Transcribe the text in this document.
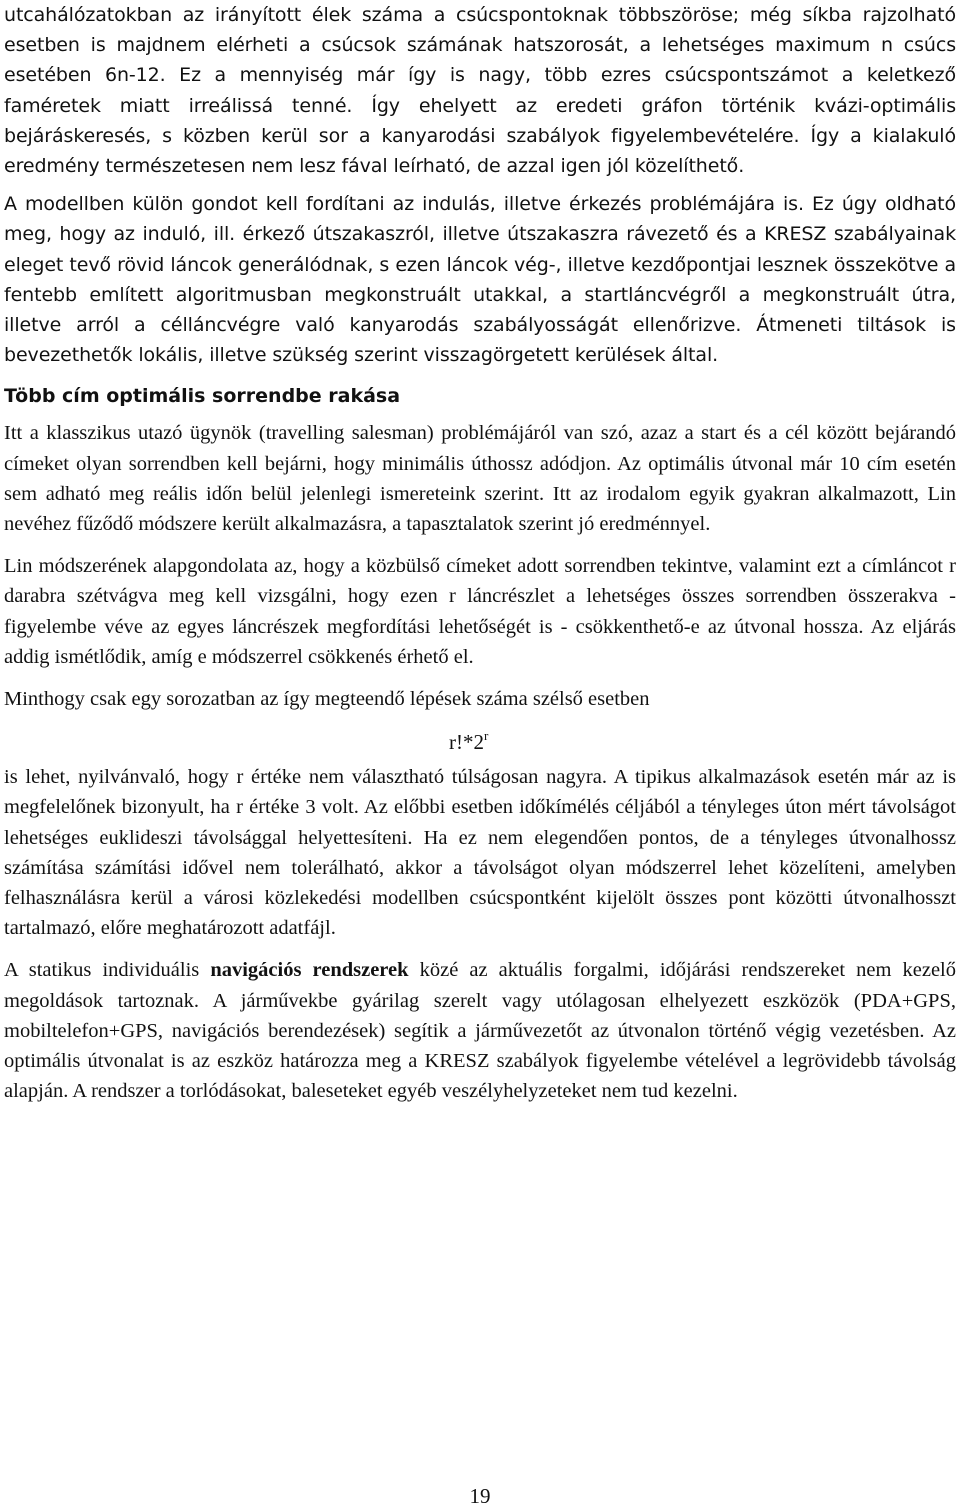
utcahálózatokban az irányított élek száma a csúcspontoknak többszöröse; még síkba rajzolható esetben is majdnem elérheti a csúcsok számának hatszorosát, a lehetséges maximum n csúcs esetében 6n-12. Ez a mennyiség már így is nagy, több ezres csúcspontszámot a keletkező faméretek miatt irreálissá tenné. Így ehelyett az eredeti gráfon történik kvázi-optimális bejáráskeresés, s közben kerül sor a kanyarodási szabályok figyelembevételére. Így a kialakuló eredmény természetesen nem lesz fával leírható, de azzal igen jól közelíthető.

A modellben külön gondot kell fordítani az indulás, illetve érkezés problémájára is. Ez úgy oldható meg, hogy az induló, ill. érkező útszakaszról, illetve útszakaszra rávezető és a KRESZ szabályainak eleget tevő rövid láncok generálódnak, s ezen láncok vég-, illetve kezdőpontjai lesznek összekötve a fentebb említett algoritmusban megkonstruált utakkal, a startláncvégről a megkonstruált útra, illetve arról a célláncvégre való kanyarodás szabályosságát ellenőrizve. Átmeneti tiltások is bevezethetők lokális, illetve szükség szerint visszagörgetett kerülések által.

Több cím optimális sorrendbe rakása

Itt a klasszikus utazó ügynök (travelling salesman) problémájáról van szó, azaz a start és a cél között bejárandó címeket olyan sorrendben kell bejárni, hogy minimális úthossz adódjon. Az optimális útvonal már 10 cím esetén sem adható meg reális időn belül jelenlegi ismereteink szerint. Itt az irodalom egyik gyakran alkalmazott, Lin nevéhez fűződő módszere került alkalmazásra, a tapasztalatok szerint jó eredménnyel.

Lin módszerének alapgondolata az, hogy a közbülső címeket adott sorrendben tekintve, valamint ezt a címláncot r darabra szétvágva meg kell vizsgálni, hogy ezen r láncrészlet a lehetséges összes sorrendben összerakva - figyelembe véve az egyes láncrészek megfordítási lehetőségét is - csökkenthető-e az útvonal hossza. Az eljárás addig ismétlődik, amíg e módszerrel csökkenés érhető el.

Minthogy csak egy sorozatban az így megteendő lépések száma szélső esetben

r!*2$^r$

is lehet, nyilvánvaló, hogy r értéke nem választható túlságosan nagyra. A tipikus alkalmazások esetén már az is megfelelőnek bizonyult, ha r értéke 3 volt. Az előbbi esetben időkímélés céljából a tényleges úton mért távolságot lehetséges euklideszi távolsággal helyettesíteni. Ha ez nem elegendően pontos, de a tényleges útvonalhossz számítása számítási idővel nem tolerálható, akkor a távolságot olyan módszerrel lehet közelíteni, amelyben felhasználásra kerül a városi közlekedési modellben csúcspontként kijelölt összes pont közötti útvonalhosszt tartalmazó, előre meghatározott adatfájl.

A statikus individuális navigációs rendszerek közé az aktuális forgalmi, időjárási rendszereket nem kezelő megoldások tartoznak. A járművekbe gyárilag szerelt vagy utólagosan elhelyezett eszközök (PDA+GPS, mobiltelefon+GPS, navigációs berendezések) segítik a járművezetőt az útvonalon történő végig vezetésben. Az optimális útvonalat is az eszköz határozza meg a KRESZ szabályok figyelembe vételével a legrövidebb távolság alapján. A rendszer a torlódásokat, baleseteket egyéb veszélyhelyzeteket nem tud kezelni.

19
